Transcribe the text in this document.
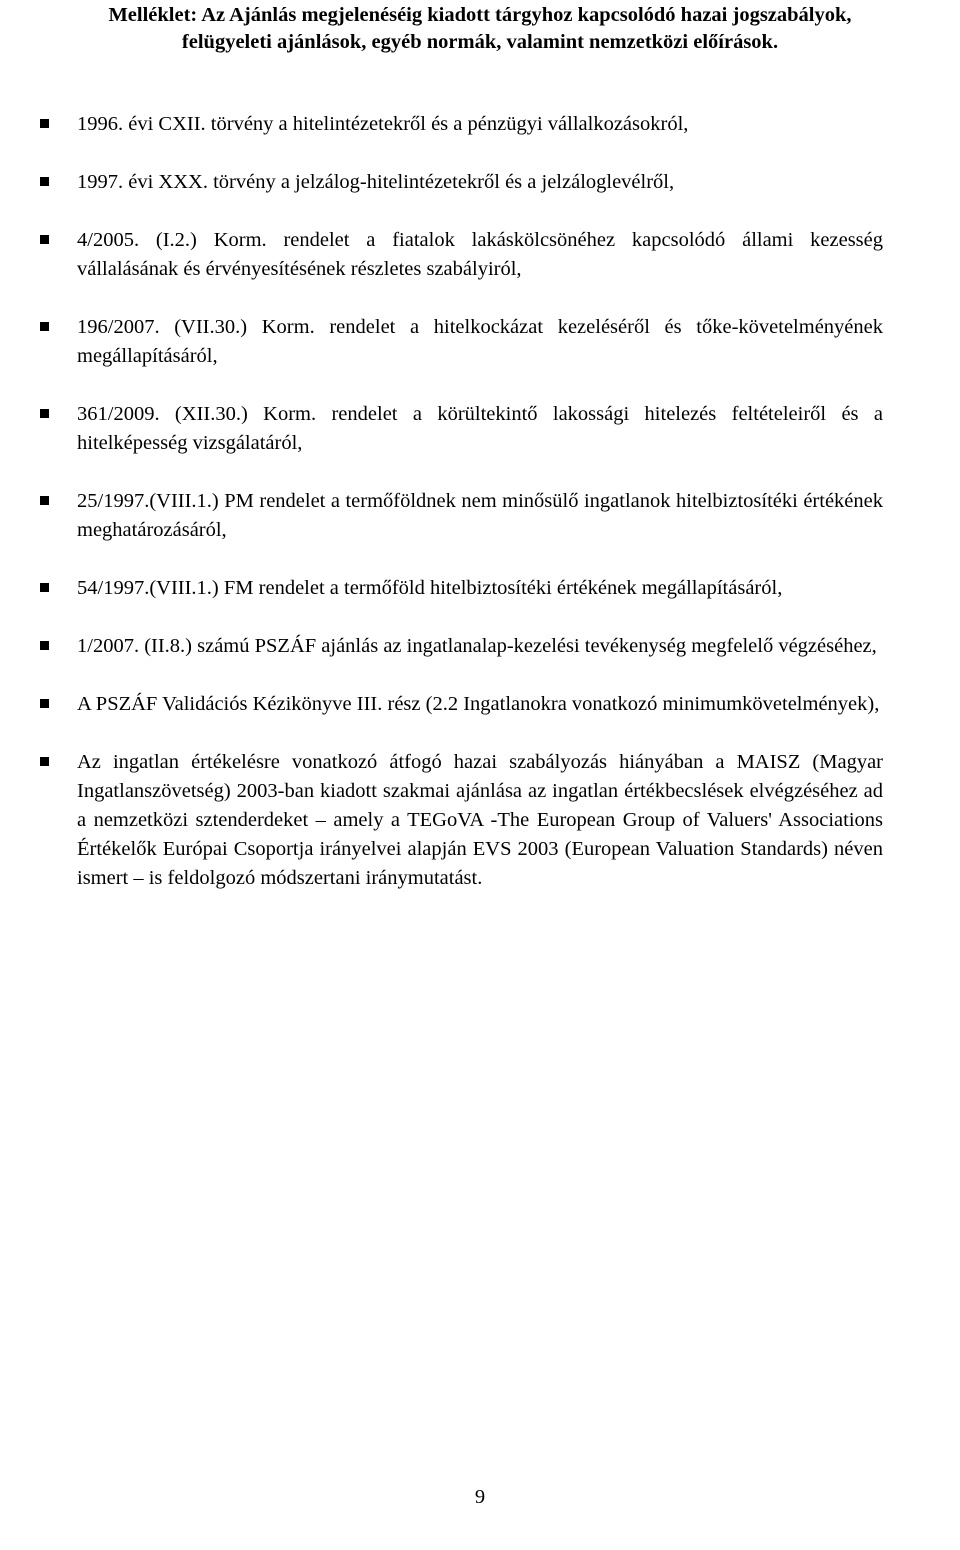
Melléklet: Az Ajánlás megjelenéséig kiadott tárgyhoz kapcsolódó hazai jogszabályok,
felügyeleti ajánlások, egyéb normák, valamint nemzetközi előírások.
1996. évi CXII. törvény a hitelintézetekről és a pénzügyi vállalkozásokról,
1997. évi XXX. törvény a jelzálog-hitelintézetekről és a jelzáloglevélről,
4/2005. (I.2.) Korm. rendelet a fiatalok lakáskölcsönéhez kapcsolódó állami kezesség vállalásának és érvényesítésének részletes szabályiról,
196/2007. (VII.30.) Korm. rendelet a hitelkockázat kezeléséről és tőke-követelményének megállapításáról,
361/2009. (XII.30.) Korm. rendelet a körültekintő lakossági hitelezés feltételeiről és a hitelképesség vizsgálatáról,
25/1997.(VIII.1.) PM rendelet a termőföldnek nem minősülő ingatlanok hitelbiztosítéki értékének meghatározásáról,
54/1997.(VIII.1.) FM rendelet a termőföld hitelbiztosítéki értékének megállapításáról,
1/2007. (II.8.) számú PSZÁF ajánlás az ingatlanalap-kezelési tevékenység megfelelő végzéséhez,
A PSZÁF Validációs Kézikönyve III. rész (2.2 Ingatlanokra vonatkozó minimumkövetelmények),
Az ingatlan értékelésre vonatkozó átfogó hazai szabályozás hiányában a MAISZ (Magyar Ingatlanszövetség) 2003-ban kiadott szakmai ajánlása az ingatlan értékbecslések elvégzéséhez ad a nemzetközi sztenderdeket – amely a TEGoVA -The European Group of Valuers' Associations Értékelők Európai Csoportja irányelvei alapján EVS 2003 (European Valuation Standards) néven ismert – is feldolgozó módszertani iránymutatást.
9
